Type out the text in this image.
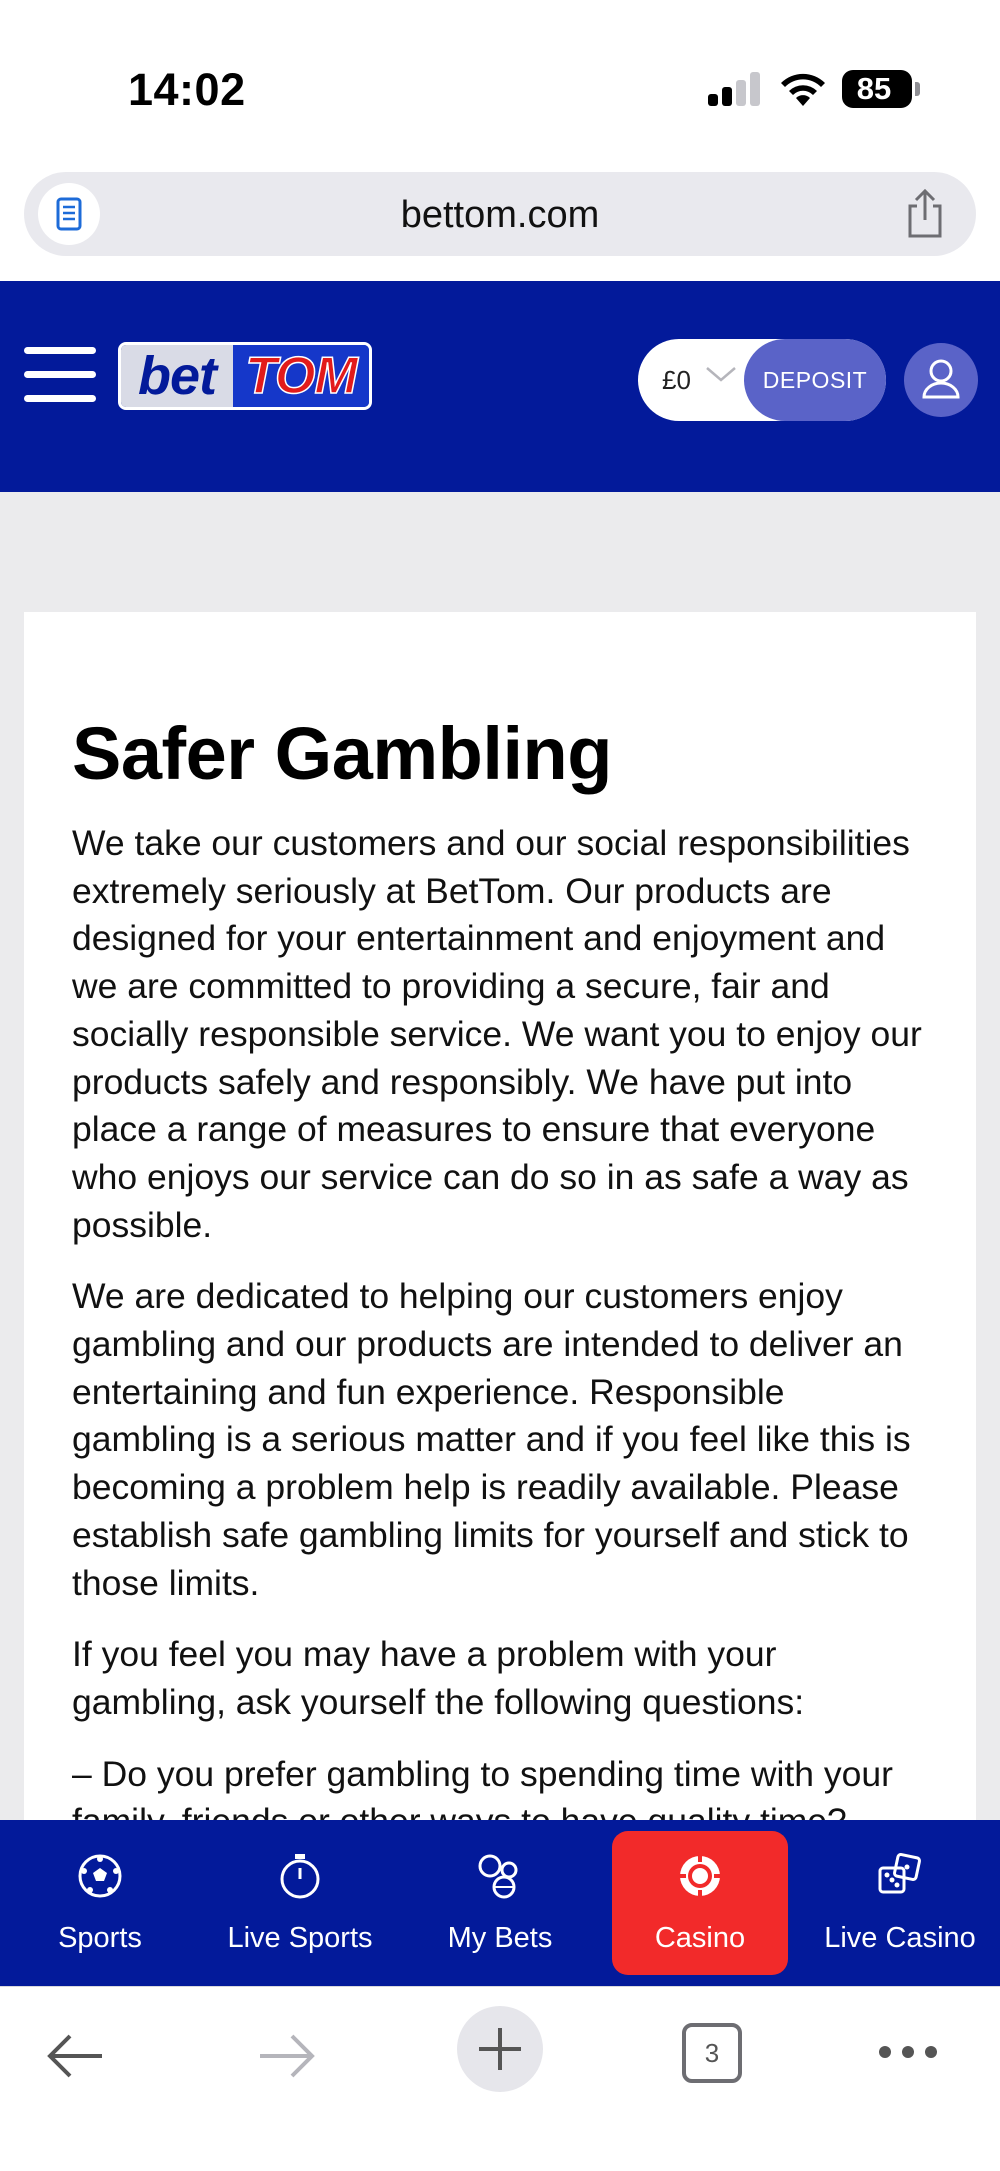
14:02	85
bettom.com
bet TOM	£0	DEPOSIT
Safer Gambling

We take our customers and our social responsibilities extremely seriously at BetTom. Our products are designed for your entertainment and enjoyment and we are committed to providing a secure, fair and socially responsible service. We want you to enjoy our products safely and responsibly. We have put into place a range of measures to ensure that everyone who enjoys our service can do so in as safe a way as possible.

We are dedicated to helping our customers enjoy gambling and our products are intended to deliver an entertaining and fun experience. Responsible gambling is a serious matter and if you feel like this is becoming a problem help is readily available. Please establish safe gambling limits for yourself and stick to those limits.

If you feel you may have a problem with your gambling, ask yourself the following questions:

– Do you prefer gambling to spending time with your

Sports	Live Sports	My Bets	Casino	Live Casino
3
